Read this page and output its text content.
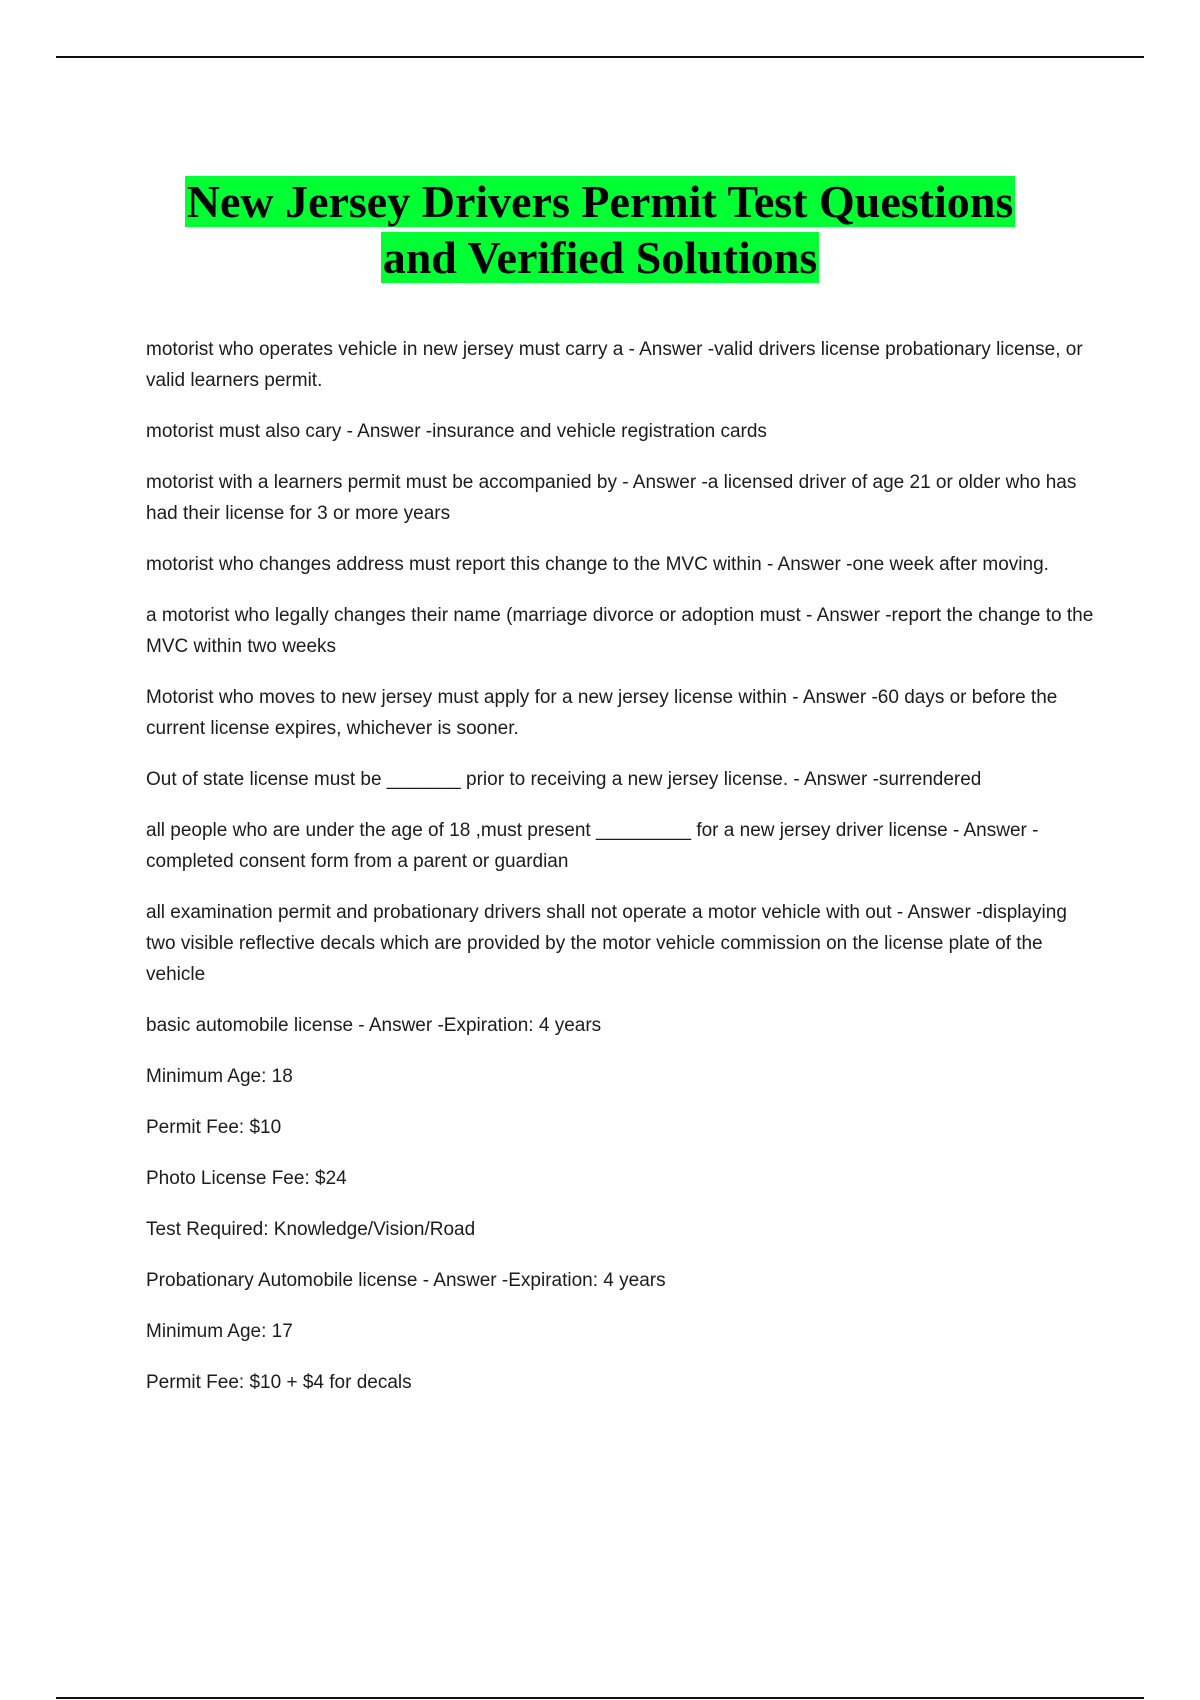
New Jersey Drivers Permit Test Questions
and Verified Solutions

motorist who operates vehicle in new jersey must carry a - Answer -valid drivers license probationary license, or valid learners permit.

motorist must also cary - Answer -insurance and vehicle registration cards

motorist with a learners permit must be accompanied by - Answer -a licensed driver of age 21 or older who has had their license for 3 or more years

motorist who changes address must report this change to the MVC within - Answer -one week after moving.

a motorist who legally changes their name (marriage divorce or adoption must - Answer -report the change to the MVC within two weeks

Motorist who moves to new jersey must apply for a new jersey license within - Answer -60 days or before the current license expires, whichever is sooner.

Out of state license must be _______ prior to receiving a new jersey license. - Answer -surrendered

all people who are under the age of 18 ,must present _________ for a new jersey driver license - Answer -completed consent form from a parent or guardian

all examination permit and probationary drivers shall not operate a motor vehicle with out - Answer -displaying two visible reflective decals which are provided by the motor vehicle commission on the license plate of the vehicle

basic automobile license - Answer -Expiration: 4 years

Minimum Age: 18

Permit Fee: $10

Photo License Fee: $24

Test Required: Knowledge/Vision/Road

Probationary Automobile license - Answer -Expiration: 4 years

Minimum Age: 17

Permit Fee: $10 + $4 for decals
